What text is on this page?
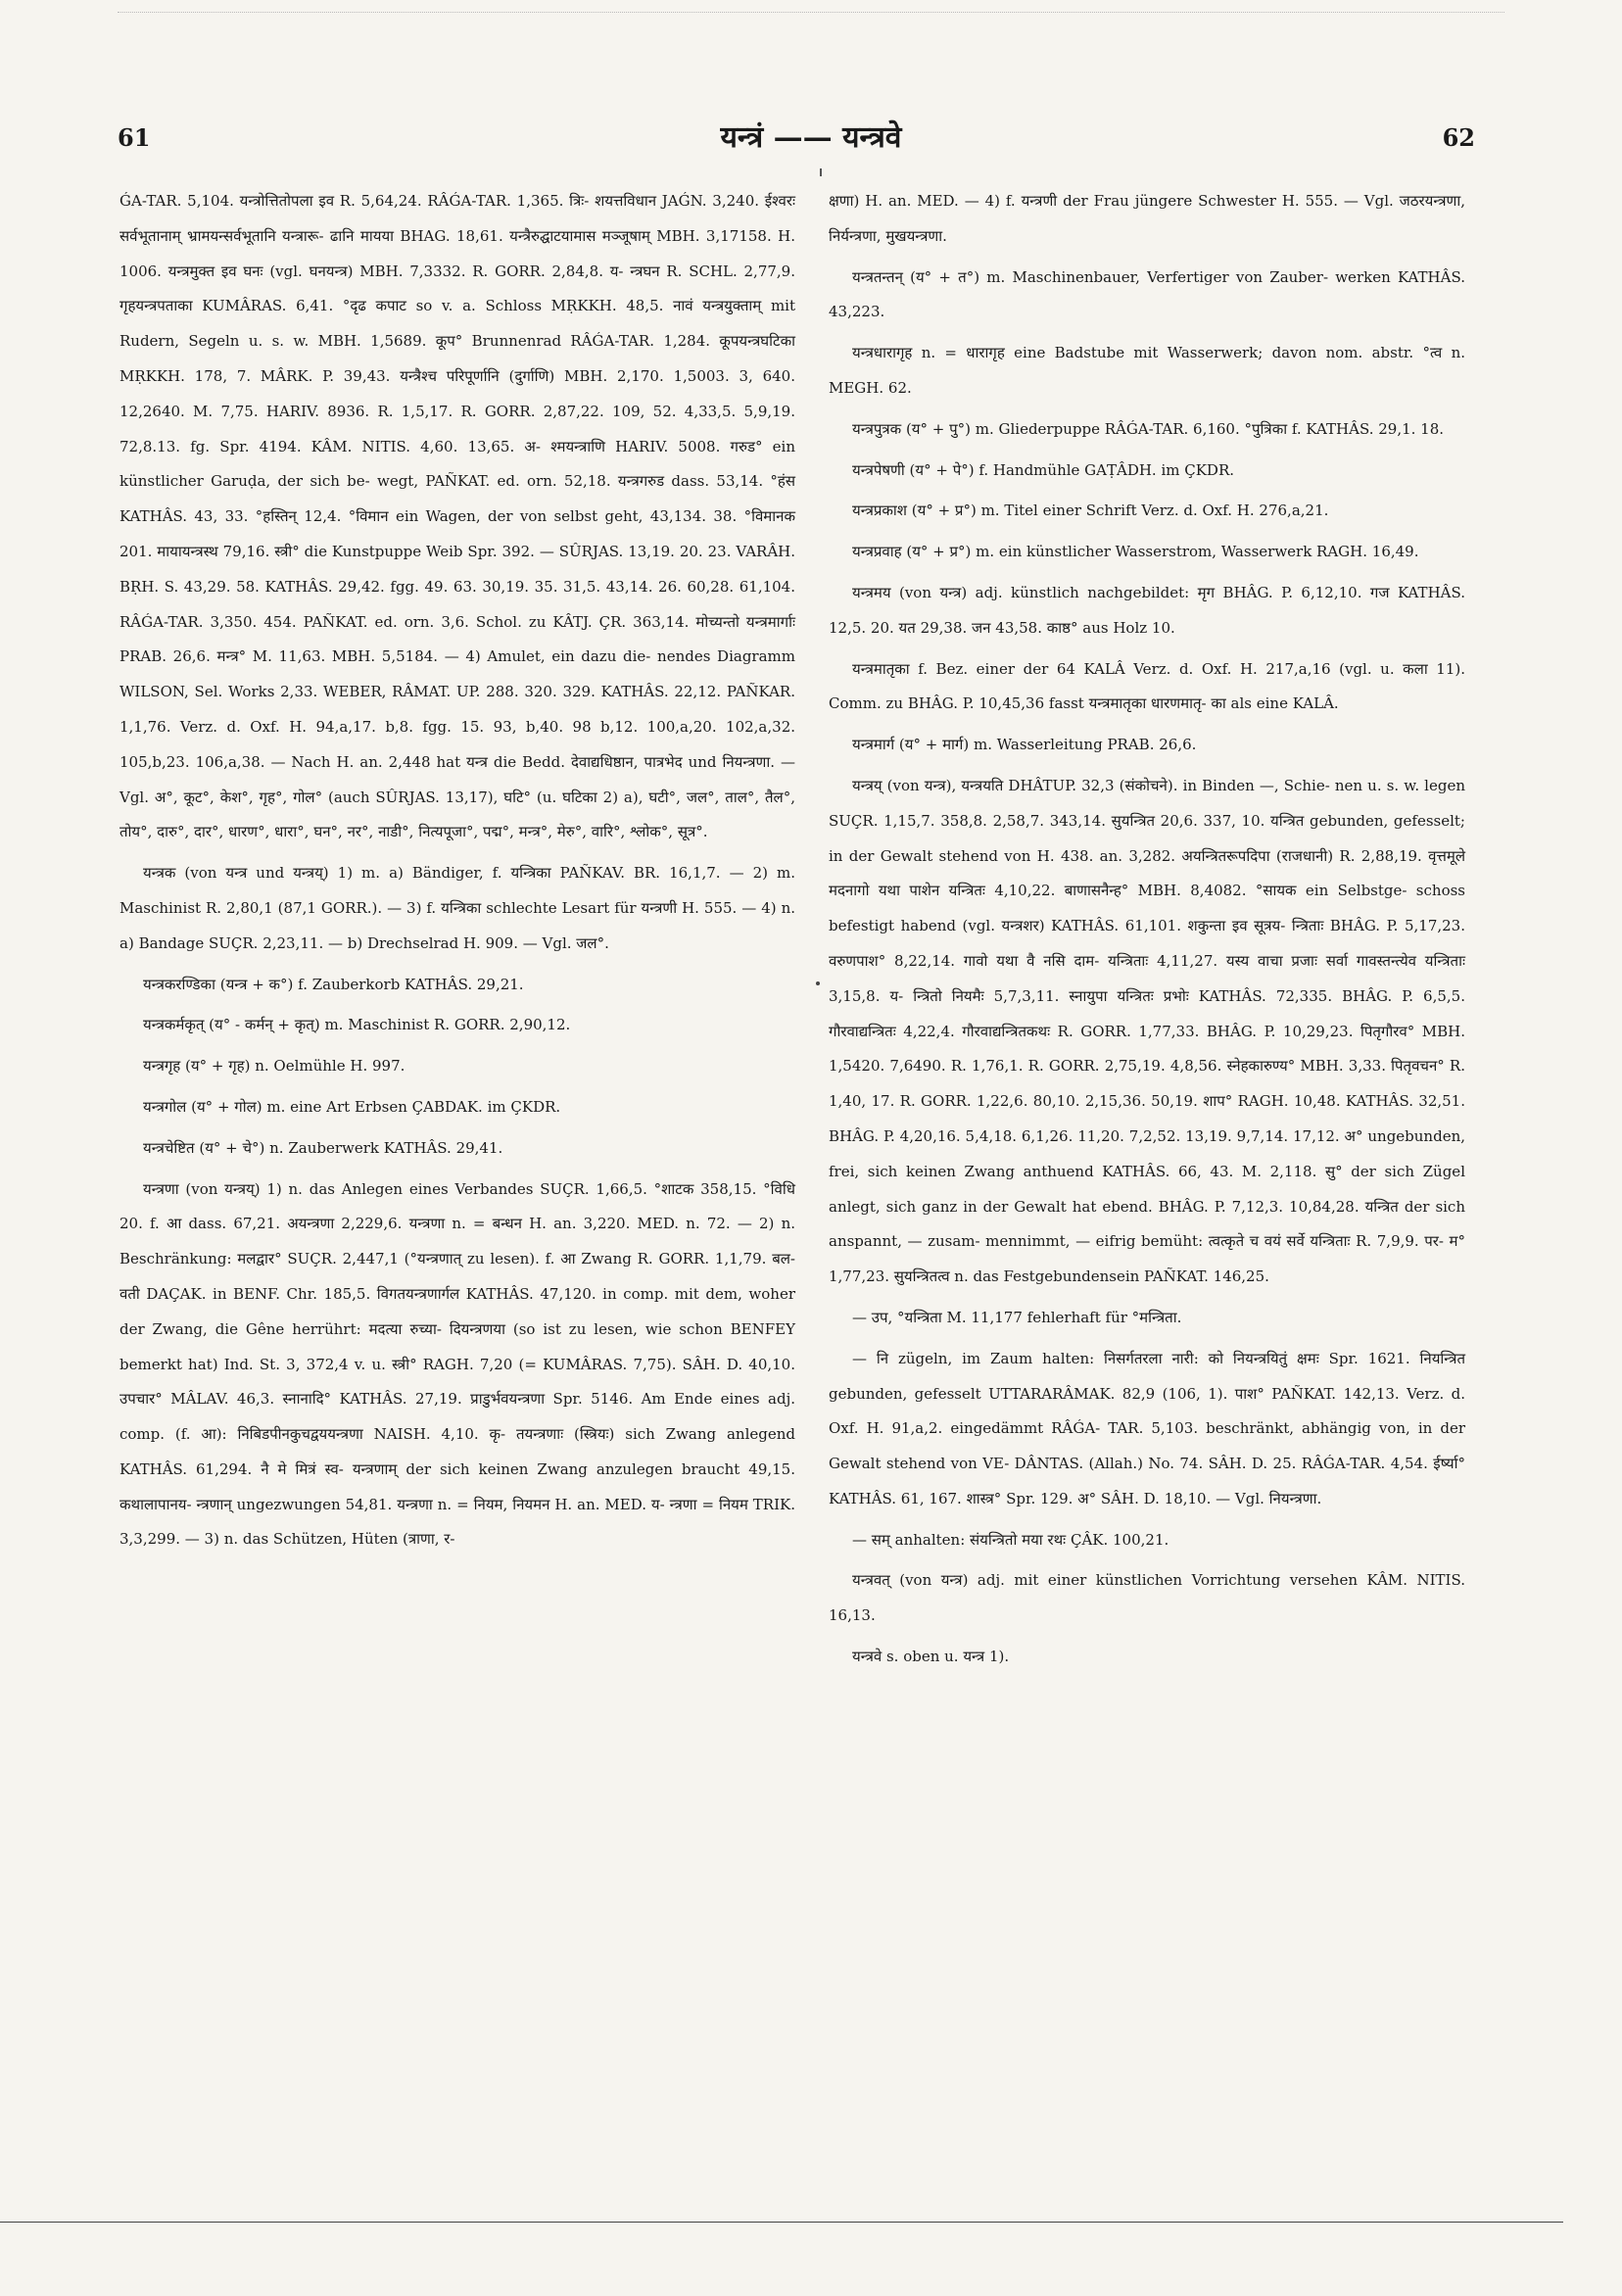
61	यन्त्रं —— यन्त्रवे	62

ǴA-TAR. 5,104. यन्त्रोत्तितोपला इव R. 5,64,24. RÂǴA-TAR. 1,365. त्रिः- शयत्तविधान JAǴN. 3,240. ईश्वरः सर्वभूतानाम् भ्रामयन्सर्वभूतानि यन्त्रारू- ढानि मायया BHAG. 18,61. यन्त्रैरुद्घाटयामास मञ्जूषाम् MBH. 3,17158. H. 1006. यन्त्रमुक्त इव घनः (vgl. घनयन्त्र) MBH. 7,3332. R. GORR. 2,84,8. य- न्त्रघन R. SCHL. 2,77,9. गृहयन्त्रपताका KUMÂRAS. 6,41. °दृढ कपाट so v. a. Schloss MṚKKH. 48,5. नावं यन्त्रयुक्ताम् mit Rudern, Segeln u. s. w. MBH. 1,5689. कूप° Brunnenrad RÂǴA-TAR. 1,284. कूपयन्त्रघटिका MṚKKH. 178, 7. MÂRK. P. 39,43. यन्त्रैश्च परिपूर्णानि (दुर्गाणि) MBH. 2,170. 1,5003. 3, 640. 12,2640. M. 7,75. HARIV. 8936. R. 1,5,17. R. GORR. 2,87,22. 109, 52. 4,33,5. 5,9,19. 72,8.13. fg. Spr. 4194. KÂM. NITIS. 4,60. 13,65. अ- श्मयन्त्राणि HARIV. 5008. गरुड° ein künstlicher Garuḍa, der sich be- wegt, PAÑKAT. ed. orn. 52,18. यन्त्रगरुड dass. 53,14. °हंस KATHÂS. 43, 33. °हस्तिन् 12,4. °विमान ein Wagen, der von selbst geht, 43,134. 38. °विमानक 201. मायायन्त्रस्थ 79,16. स्त्री° die Kunstpuppe Weib Spr. 392. — SÛRJAS. 13,19. 20. 23. VARÂH. BṚH. S. 43,29. 58. KATHÂS. 29,42. fgg. 49. 63. 30,19. 35. 31,5. 43,14. 26. 60,28. 61,104. RÂǴA-TAR. 3,350. 454. PAÑKAT. ed. orn. 3,6. Schol. zu KÂTJ. ÇR. 363,14. मोच्यन्तो यन्त्रमार्गाः PRAB. 26,6. मन्त्र° M. 11,63. MBH. 5,5184. — 4) Amulet, ein dazu die- nendes Diagramm WILSON, Sel. Works 2,33. WEBER, RÂMAT. UP. 288. 320. 329. KATHÂS. 22,12. PAÑKAR. 1,1,76. Verz. d. Oxf. H. 94,a,17. b,8. fgg. 15. 93, b,40. 98 b,12. 100,a,20. 102,a,32. 105,b,23. 106,a,38. — Nach H. an. 2,448 hat यन्त्र die Bedd. देवाद्यधिष्ठान, पात्रभेद und नियन्त्रणा. — Vgl. अ°, कूट°, केश°, गृह°, गोल° (auch SÛRJAS. 13,17), घटि° (u. घटिका 2) a), घटी°, जल°, ताल°, तैल°, तोय°, दारु°, दार°, धारण°, धारा°, घन°, नर°, नाडी°, नित्यपूजा°, पद्म°, मन्त्र°, मेरु°, वारि°, श्लोक°, सूत्र°.

यन्त्रक (von यन्त्र und यन्त्रय्) 1) m. a) Bändiger, f. यन्त्रिका PAÑKAV. BR. 16,1,7. — 2) m. Maschinist R. 2,80,1 (87,1 GORR.). — 3) f. यन्त्रिका schlechte Lesart für यन्त्रणी H. 555. — 4) n. a) Bandage SUÇR. 2,23,11. — b) Drechselrad H. 909. — Vgl. जल°.

यन्त्रकरण्डिका (यन्त्र + क°) f. Zauberkorb KATHÂS. 29,21.

यन्त्रकर्मकृत् (य° - कर्मन् + कृत्) m. Maschinist R. GORR. 2,90,12.

यन्त्रगृह (य° + गृह) n. Oelmühle H. 997.

यन्त्रगोल (य° + गोल) m. eine Art Erbsen ÇABDAK. im ÇKDR.

यन्त्रचेष्टित (य° + चे°) n. Zauberwerk KATHÂS. 29,41.

यन्त्रणा (von यन्त्रय्) 1) n. das Anlegen eines Verbandes SUÇR. 1,66,5. °शाटक 358,15. °विधि 20. f. आ dass. 67,21. अयन्त्रणा 2,229,6. यन्त्रणा n. = बन्धन H. an. 3,220. MED. n. 72. — 2) n. Beschränkung: मलद्वार° SUÇR. 2,447,1 (°यन्त्रणात् zu lesen). f. आ Zwang R. GORR. 1,1,79. बल- वती DAÇAK. in BENF. Chr. 185,5. विगतयन्त्रणार्गल KATHÂS. 47,120. in comp. mit dem, woher der Zwang, die Gêne herrührt: मदत्या रुच्या- दियन्त्रणया (so ist zu lesen, wie schon BENFEY bemerkt hat) Ind. St. 3, 372,4 v. u. स्त्री° RAGH. 7,20 (= KUMÂRAS. 7,75). SÂH. D. 40,10. उपचार° MÂLAV. 46,3. स्नानादि° KATHÂS. 27,19. प्राडुर्भवयन्त्रणा Spr. 5146. Am Ende eines adj. comp. (f. आ): निबिडपीनकुचद्वययन्त्रणा NAISH. 4,10. कृ- तयन्त्रणाः (स्त्रियः) sich Zwang anlegend KATHÂS. 61,294. नै मे मित्रं स्व- यन्त्रणाम् der sich keinen Zwang anzulegen braucht 49,15. कथालापानय- न्त्रणान् ungezwungen 54,81. यन्त्रणा n. = नियम, नियमन H. an. MED. य- न्त्रणा = नियम TRIK. 3,3,299. — 3) n. das Schützen, Hüten (त्राणा, र-

क्षणा) H. an. MED. — 4) f. यन्त्रणी der Frau jüngere Schwester H. 555. — Vgl. जठरयन्त्रणा, निर्यन्त्रणा, मुखयन्त्रणा.

यन्त्रतन्तन् (य° + त°) m. Maschinenbauer, Verfertiger von Zauber- werken KATHÂS. 43,223.

यन्त्रधारागृह n. = धारागृह eine Badstube mit Wasserwerk; davon nom. abstr. °त्व n. MEGH. 62.

यन्त्रपुत्रक (य° + पु°) m. Gliederpuppe RÂǴA-TAR. 6,160. °पुत्रिका f. KATHÂS. 29,1. 18.

यन्त्रपेषणी (य° + पे°) f. Handmühle GAṬÂDH. im ÇKDR.

यन्त्रप्रकाश (य° + प्र°) m. Titel einer Schrift Verz. d. Oxf. H. 276,a,21.

यन्त्रप्रवाह (य° + प्र°) m. ein künstlicher Wasserstrom, Wasserwerk RAGH. 16,49.

यन्त्रमय (von यन्त्र) adj. künstlich nachgebildet: मृग BHÂG. P. 6,12,10. गज KATHÂS. 12,5. 20. यत 29,38. जन 43,58. काष्ठ° aus Holz 10.

यन्त्रमातृका f. Bez. einer der 64 KALÂ Verz. d. Oxf. H. 217,a,16 (vgl. u. कला 11). Comm. zu BHÂG. P. 10,45,36 fasst यन्त्रमातृका धारणमातृ- का als eine KALÂ.

यन्त्रमार्ग (य° + मार्ग) m. Wasserleitung PRAB. 26,6.

यन्त्रय् (von यन्त्र), यन्त्रयति DHÂTUP. 32,3 (संकोचने). in Binden —, Schie- nen u. s. w. legen SUÇR. 1,15,7. 358,8. 2,58,7. 343,14. सुयन्त्रित 20,6. 337, 10. यन्त्रित gebunden, gefesselt; in der Gewalt stehend von H. 438. an. 3,282. अयन्त्रितरूपदिपा (राजधानी) R. 2,88,19. वृत्तमूले मदनागो यथा पाशेन यन्त्रितः 4,10,22. बाणासनैन्ह° MBH. 8,4082. °सायक ein Selbstge- schoss befestigt habend (vgl. यन्त्रशर) KATHÂS. 61,101. शकुन्ता इव सूत्रय- न्त्रिताः BHÂG. P. 5,17,23. वरुणपाश° 8,22,14. गावो यथा वै नसि दाम- यन्त्रिताः 4,11,27. यस्य वाचा प्रजाः सर्वा गावस्तन्त्येव यन्त्रिताः 3,15,8. य- न्त्रितो नियमैः 5,7,3,11. स्नायुपा यन्त्रितः प्रभोः KATHÂS. 72,335. BHÂG. P. 6,5,5. गौरवाद्यन्त्रितः 4,22,4. गौरवाद्यन्त्रितकथः R. GORR. 1,77,33. BHÂG. P. 10,29,23. पितृगौरव° MBH. 1,5420. 7,6490. R. 1,76,1. R. GORR. 2,75,19. 4,8,56. स्नेहकारुण्य° MBH. 3,33. पितृवचन° R. 1,40, 17. R. GORR. 1,22,6. 80,10. 2,15,36. 50,19. शाप° RAGH. 10,48. KATHÂS. 32,51. BHÂG. P. 4,20,16. 5,4,18. 6,1,26. 11,20. 7,2,52. 13,19. 9,7,14. 17,12. अ° ungebunden, frei, sich keinen Zwang anthuend KATHÂS. 66, 43. M. 2,118. सु° der sich Zügel anlegt, sich ganz in der Gewalt hat ebend. BHÂG. P. 7,12,3. 10,84,28. यन्त्रित der sich anspannt, — zusam- mennimmt, — eifrig bemüht: त्वत्कृते च वयं सर्वे यन्त्रिताः R. 7,9,9. पर- म° 1,77,23. सुयन्त्रितत्व n. das Festgebundensein PAÑKAT. 146,25.

— उप, °यन्त्रिता M. 11,177 fehlerhaft für °मन्त्रिता.

— नि zügeln, im Zaum halten: निसर्गतरला नारी: को नियन्त्रयितुं क्षमः Spr. 1621. नियन्त्रित gebunden, gefesselt UTTARARÂMAK. 82,9 (106, 1). पाश° PAÑKAT. 142,13. Verz. d. Oxf. H. 91,a,2. eingedämmt RÂǴA- TAR. 5,103. beschränkt, abhängig von, in der Gewalt stehend von VE- DÂNTAS. (Allah.) No. 74. SÂH. D. 25. RÂǴA-TAR. 4,54. ईर्ष्या° KATHÂS. 61, 167. शास्त्र° Spr. 129. अ° SÂH. D. 18,10. — Vgl. नियन्त्रणा.

— सम् anhalten: संयन्त्रितो मया रथः ÇÂK. 100,21.

यन्त्रवत् (von यन्त्र) adj. mit einer künstlichen Vorrichtung versehen KÂM. NITIS. 16,13.

यन्त्रवे s. oben u. यन्त्र 1).
